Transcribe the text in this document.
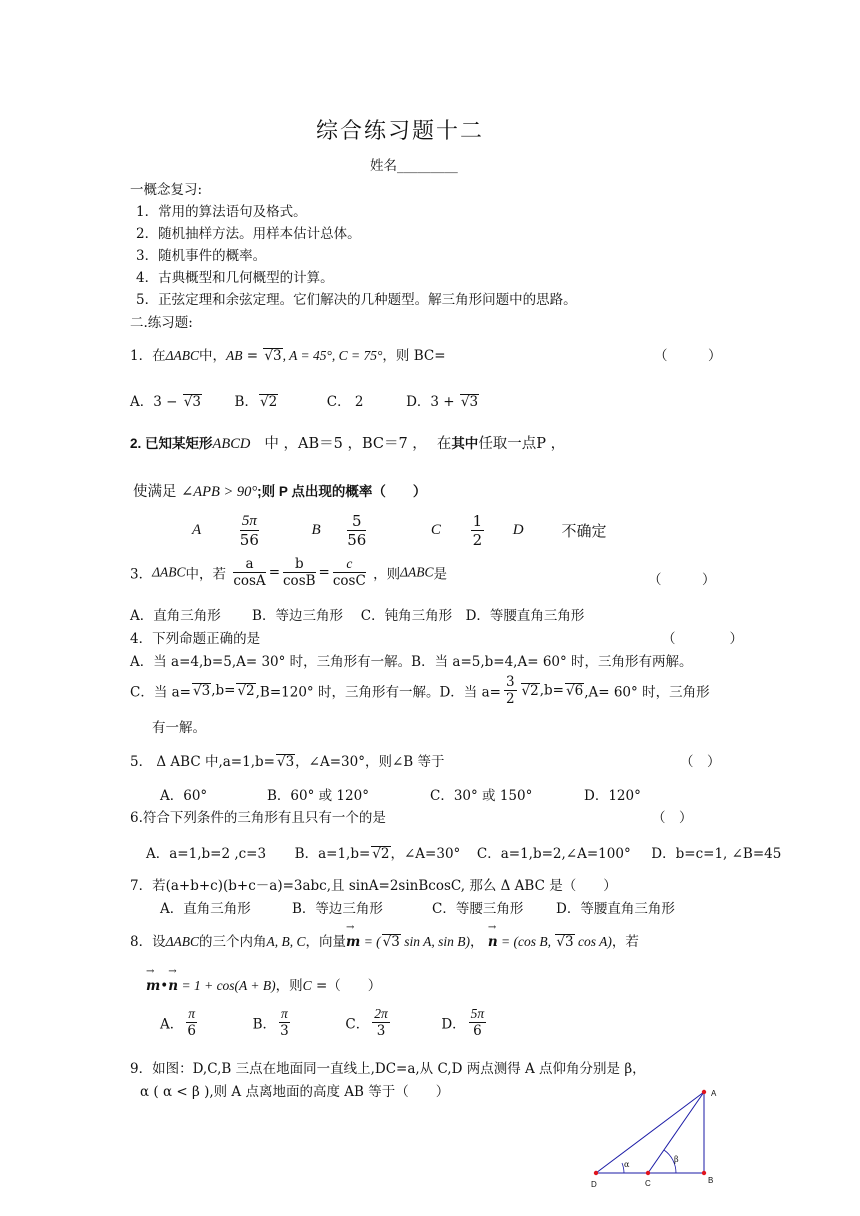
综合练习题十二
姓名_________
一概念复习:
1．常用的算法语句及格式。
2．随机抽样方法。用样本估计总体。
3．随机事件的概率。
4．古典概型和几何概型的计算。
5．正弦定理和余弦定理。它们解决的几种题型。解三角形问题中的思路。
二.练习题:
1．在ΔABC中，AB = √3, A = 45°, C = 75°，则 BC=	（　　　）
A．3 − √3 B． √2	C． 2	D．3 + √3
2. 已知某矩形ABCD 中 ，AB＝5 ，BC＝7 ， 在其中任取一点P ，
使满足 ∠APB > 90°;则 P 点出现的概率（　　）
A	$\frac{5\pi}{56}$	B $\frac{5}{56}$	C $\frac{1}{2}$ D	不确定
3．ΔABC中，若 $\frac{a}{\cos A} = \frac{b}{\cos B} = \frac{c}{\cos C}$ ，则ΔABC是	（　　　）
A．直角三角形　　 B．等边三角形　 C．钝角三角形　D．等腰直角三角形
4．下列命题正确的是	（　　　　）
A．当 a=4,b=5,A= 30° 时，三角形有一解。B．当 a=5,b=4,A= 60° 时，三角形有两解。
C．当 a= √3,b= √2,B=120° 时，三角形有一解。D．当 $a= \frac{3}{2} √2,b= √6,A= 60^\circ$ 时，三角形
有一解。
5． Δ ABC 中,a=1,b= √3，∠A=30°，则∠B 等于	（　）
A．60°	B．60° 或 120°	C．30° 或 150°	D．120°
6.符合下列条件的三角形有且只有一个的是	（　）
A．a=1,b=2 ,c=3 B．a=1,b= √2，∠A=30° C．a=1,b=2,∠A=100° D．b=c=1, ∠B=45
7．若(a+b+c)(b+c－a)=3abc,且 sinA=2sinBcosC, 那么 Δ ABC 是（　　）
A．直角三角形	B．等边三角形	C．等腰三角形 D．等腰直角三角形
8．设ΔABC的三个内角A, B, C，向量→ m = ( √3 sin A, sin B)， → n = (cos B, √3 cos A)，若
→ m•→ n = 1 + cos(A + B)，则C =（　　）
A． $\frac{\pi}{6}$	B． $\frac{\pi}{3}$	C． $\frac{2\pi}{3}$	D． $\frac{5\pi}{6}$
9．如图：D,C,B 三点在地面同一直线上,DC=a,从 C,D 两点测得 A 点仰角分别是 β，
α ( α < β ),则 A 点离地面的高度 AB 等于（　　）	A
B
C
D
α
β
